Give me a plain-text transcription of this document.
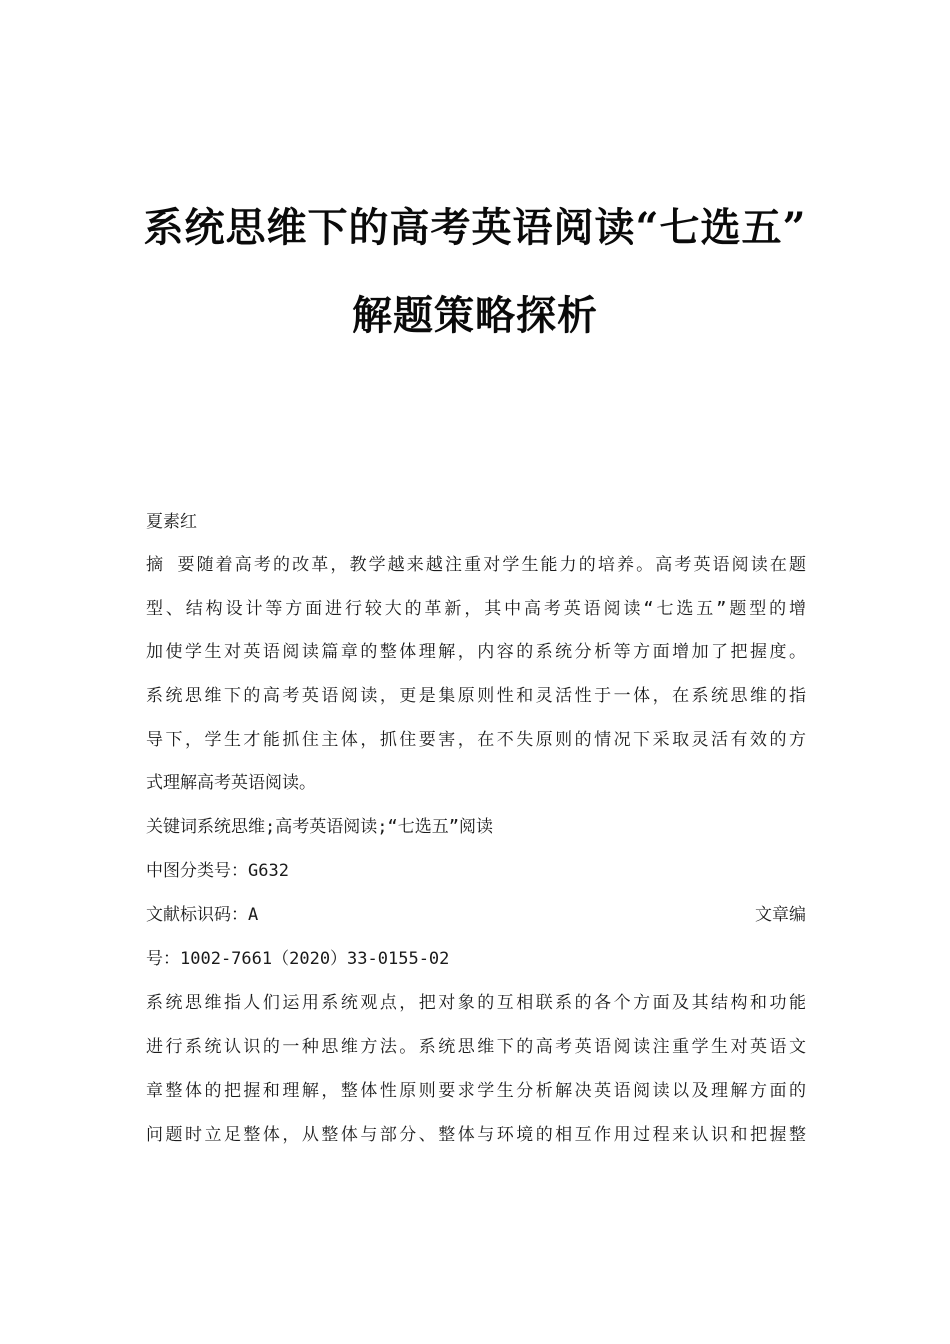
系统思维下的高考英语阅读“七选五”
解题策略探析
夏素红
摘 要随着高考的改革，教学越来越注重对学生能力的培养。高考英语阅读在题
型、结构设计等方面进行较大的革新，其中高考英语阅读“七选五”题型的增
加使学生对英语阅读篇章的整体理解，内容的系统分析等方面增加了把握度。
系统思维下的高考英语阅读，更是集原则性和灵活性于一体，在系统思维的指
导下，学生才能抓住主体，抓住要害，在不失原则的情况下采取灵活有效的方
式理解高考英语阅读。
关键词系统思维;高考英语阅读;“七选五”阅读
中图分类号：G632
文献标识码：A	文章编
号：1002-7661（2020）33-0155-02
系统思维指人们运用系统观点，把对象的互相联系的各个方面及其结构和功能
进行系统认识的一种思维方法。系统思维下的高考英语阅读注重学生对英语文
章整体的把握和理解，整体性原则要求学生分析解决英语阅读以及理解方面的
问题时立足整体，从整体与部分、整体与环境的相互作用过程来认识和把握整
